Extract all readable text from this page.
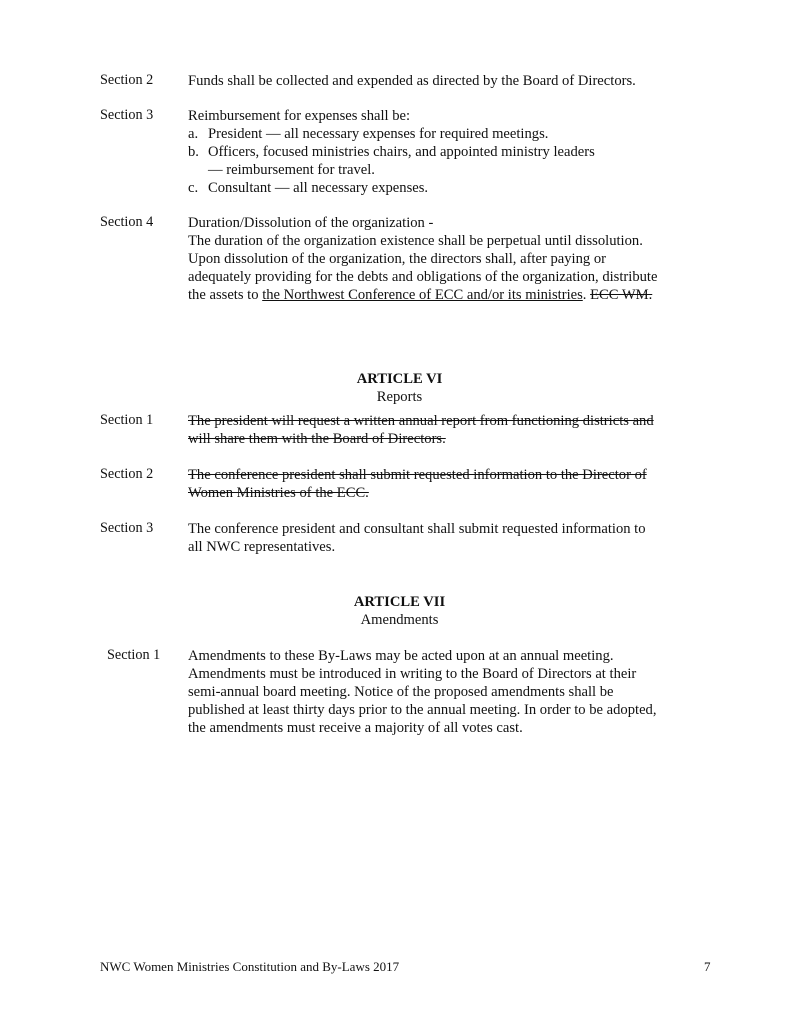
Section 2 Funds shall be collected and expended as directed by the Board of Directors.
Section 3 Reimbursement for expenses shall be:
a. President — all necessary expenses for required meetings.
b. Officers, focused ministries chairs, and appointed ministry leaders
— reimbursement for travel.
c. Consultant — all necessary expenses.
Section 4 Duration/Dissolution of the organization -
The duration of the organization existence shall be perpetual until dissolution.
Upon dissolution of the organization, the directors shall, after paying or
adequately providing for the debts and obligations of the organization, distribute
the assets to the Northwest Conference of ECC and/or its ministries. ECC WM.
ARTICLE VI
Reports
Section 1 The president will request a written annual report from functioning districts and
will share them with the Board of Directors.
Section 2 The conference president shall submit requested information to the Director of
Women Ministries of the ECC.
Section 3 The conference president and consultant shall submit requested information to
all NWC representatives.
ARTICLE VII
Amendments
Section 1 Amendments to these By-Laws may be acted upon at an annual meeting.
Amendments must be introduced in writing to the Board of Directors at their
semi-annual board meeting. Notice of the proposed amendments shall be
published at least thirty days prior to the annual meeting. In order to be adopted,
the amendments must receive a majority of all votes cast.
NWC Women Ministries Constitution and By-Laws 2017	7
